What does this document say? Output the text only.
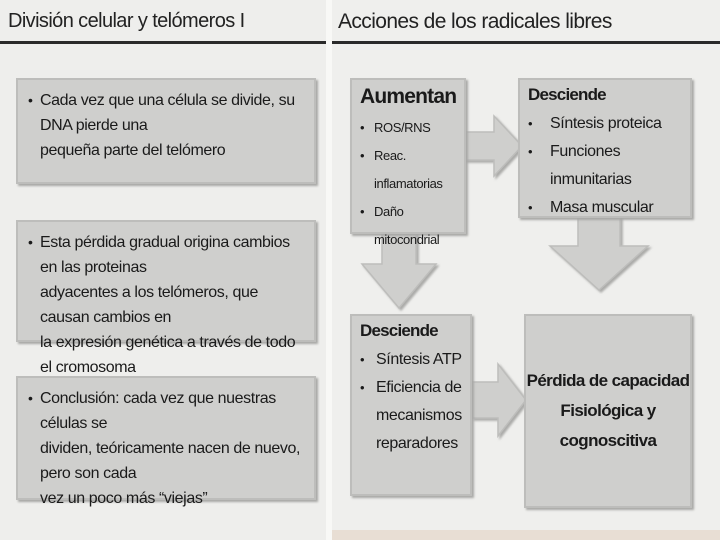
División celular y telómeros I
• Cada vez que una célula se divide, su DNA pierde una
pequeña parte del telómero
• Esta pérdida gradual origina cambios en las proteinas
adyacentes a los telómeros, que causan cambios en
la expresión genética a través de todo el cromosoma
• Conclusión: cada vez que nuestras células se
dividen, teóricamente nacen de nuevo, pero son cada
vez un poco más “viejas”
Acciones de los radicales libres
Aumentan
• ROS/RNS
• Reac. inflamatorias
• Daño mitocondrial
Desciende
•	Síntesis proteica
•	Funciones inmunitarias
•	Masa muscular
Desciende
• Síntesis ATP
• Eficiencia de mecanismos reparadores
Pérdida de capacidad
Fisiológica y cognoscitiva
